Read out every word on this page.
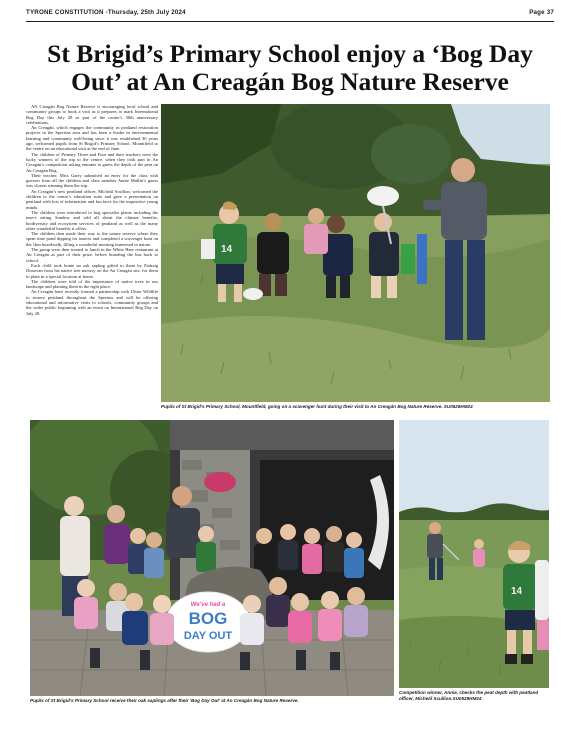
TYRONE CONSTITUTION -Thursday, 25th July 2024	Page 37
St Brigid’s Primary School enjoy a ‘Bog Day Out’ at An Creagán Bog Nature Reserve

AN Creagán Bog Nature Reserve is encouraging local school and community groups to book a visit as it prepares to mark International Bog Day this July 28 as part of the centre’s 30th anniversary celebrations.

An Creagán, which engages the community in peatland restoration projects in the Sperrins area and has been a leader in environmental learning and community well-being since it was established 30 years ago, welcomed pupils from St Brigid’s Primary School, Mountfield to the centre on an educational visit at the end of June.

The children of Primary Three and Four and their teachers were the lucky winners of the trip to the centre, when they took part in An Creagán’s competition asking entrants to guess the depth of the peat on An Creagán Bog.

Their teacher, Miss Garry submitted an entry for the class with guesses from all the children and class member Annie Mullin’s guess was closest winning them the trip.

An Creagán’s new peatland officer, Micheál Scullion, welcomed the children to the centre’s education suite and gave a presentation on peatland with lots of information and fun facts for the inquisitive young minds.

The children were introduced to bog specialist plants including the insect eating Sundew and told all about the climate benefits, biodiversity and ecosystem services of peatland as well as the many other wonderful benefits it offers.

The children then made their way to the nature reserve where they spent time pond dipping for insects and completed a scavenger hunt on the 1km boardwalk, filling a wonderful morning immersed in nature.

The group were then treated to lunch in the White Hare restaurant at An Creagán as part of their prize, before boarding the bus back to school.

Each child took home an oak sapling gifted to them by Padraig Donovan from his native tree nursery on the An Creagán site, for them to plant in a special location at home.

The children were told of the importance of native trees in our landscape and planting them in the right place.

An Creagán have recently formed a partnership with Ulster Wildlife to restore peatland throughout the Sperrins and will be offering educational and informative visits to schools, community groups and the wider public beginning with an event on International Bog Day on July 28.

14
Pupils of St Brigid’s Primary School, Mountfield, going on a scavenger hunt during their visit to An Creagán Bog Nature Reserve. SU0628HM24
We’ve had a
BOG
DAY OUT
Pupils of St Brigid’s Primary School receive their oak saplings after their ‘Bog Day Out’ at An Creagán Bog Nature Reserve.
14
Competition winner, Annie, checks the peat depth with peatland officer, Micheál Scullion.SU0528HM24
